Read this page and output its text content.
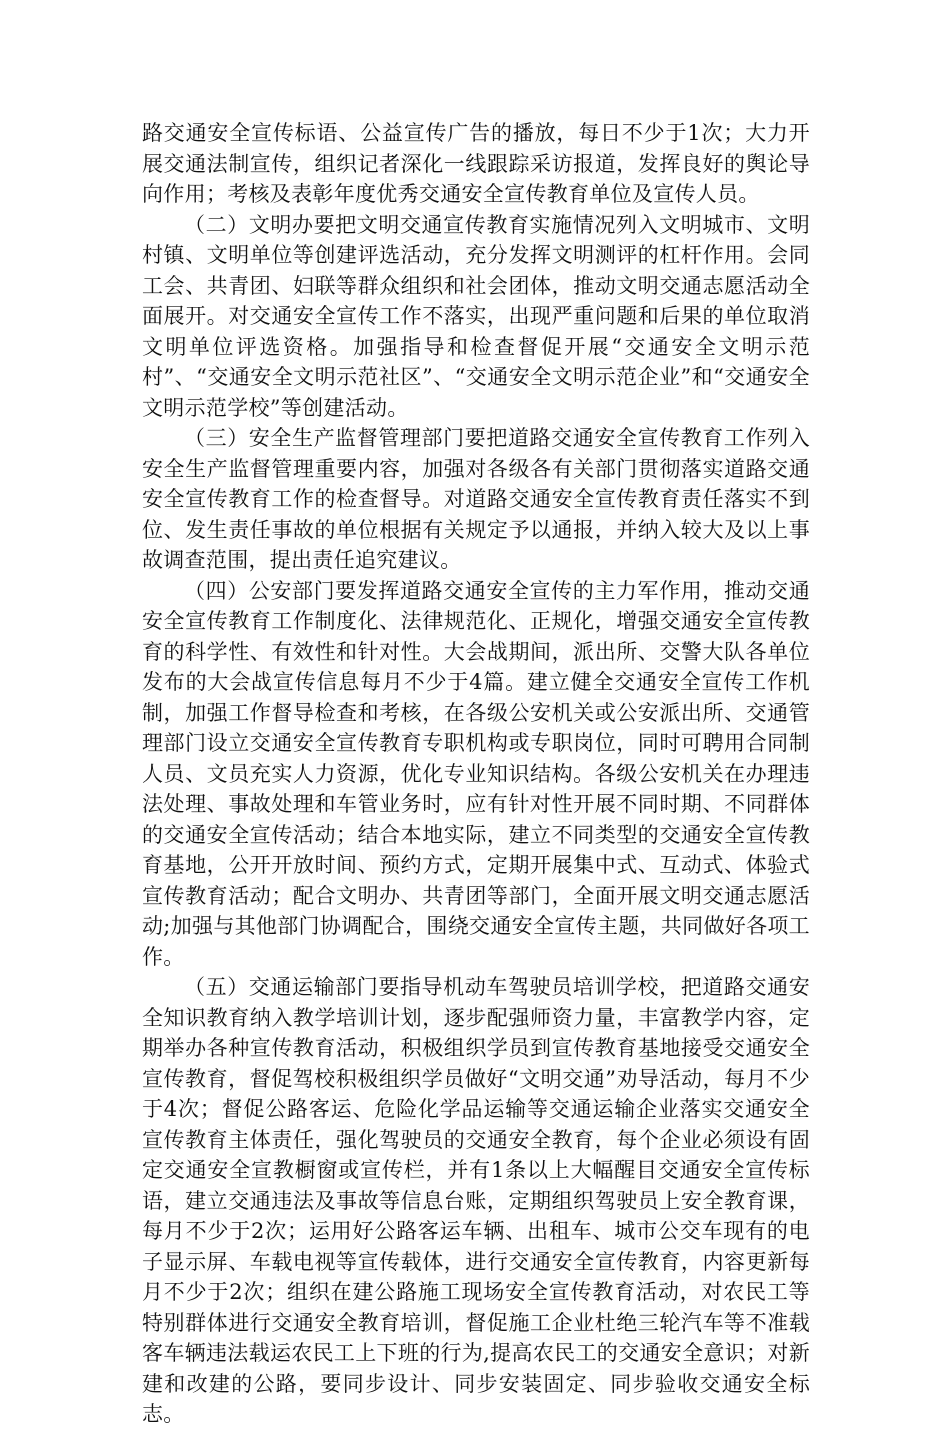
路交通安全宣传标语、公益宣传广告的播放，每日不少于1次；大力开展交通法制宣传，组织记者深化一线跟踪采访报道，发挥良好的舆论导向作用；考核及表彰年度优秀交通安全宣传教育单位及宣传人员。

（二）文明办要把文明交通宣传教育实施情况列入文明城市、文明村镇、文明单位等创建评选活动，充分发挥文明测评的杠杆作用。会同工会、共青团、妇联等群众组织和社会团体，推动文明交通志愿活动全面展开。对交通安全宣传工作不落实，出现严重问题和后果的单位取消文明单位评选资格。加强指导和检查督促开展“交通安全文明示范村”、“交通安全文明示范社区”、“交通安全文明示范企业”和“交通安全文明示范学校”等创建活动。

（三）安全生产监督管理部门要把道路交通安全宣传教育工作列入安全生产监督管理重要内容，加强对各级各有关部门贯彻落实道路交通安全宣传教育工作的检查督导。对道路交通安全宣传教育责任落实不到位、发生责任事故的单位根据有关规定予以通报，并纳入较大及以上事故调查范围，提出责任追究建议。

（四）公安部门要发挥道路交通安全宣传的主力军作用，推动交通安全宣传教育工作制度化、法律规范化、正规化，增强交通安全宣传教育的科学性、有效性和针对性。大会战期间，派出所、交警大队各单位发布的大会战宣传信息每月不少于4篇。建立健全交通安全宣传工作机制，加强工作督导检查和考核，在各级公安机关或公安派出所、交通管理部门设立交通安全宣传教育专职机构或专职岗位，同时可聘用合同制人员、文员充实人力资源，优化专业知识结构。各级公安机关在办理违法处理、事故处理和车管业务时，应有针对性开展不同时期、不同群体的交通安全宣传活动；结合本地实际，建立不同类型的交通安全宣传教育基地，公开开放时间、预约方式，定期开展集中式、互动式、体验式宣传教育活动；配合文明办、共青团等部门，全面开展文明交通志愿活动;加强与其他部门协调配合，围绕交通安全宣传主题，共同做好各项工作。

（五）交通运输部门要指导机动车驾驶员培训学校，把道路交通安全知识教育纳入教学培训计划，逐步配强师资力量，丰富教学内容，定期举办各种宣传教育活动，积极组织学员到宣传教育基地接受交通安全宣传教育，督促驾校积极组织学员做好“文明交通”劝导活动，每月不少于4次；督促公路客运、危险化学品运输等交通运输企业落实交通安全宣传教育主体责任，强化驾驶员的交通安全教育，每个企业必须设有固定交通安全宣教橱窗或宣传栏，并有1条以上大幅醒目交通安全宣传标语，建立交通违法及事故等信息台账，定期组织驾驶员上安全教育课，每月不少于2次；运用好公路客运车辆、出租车、城市公交车现有的电子显示屏、车载电视等宣传载体，进行交通安全宣传教育，内容更新每月不少于2次；组织在建公路施工现场安全宣传教育活动，对农民工等特别群体进行交通安全教育培训，督促施工企业杜绝三轮汽车等不准载客车辆违法载运农民工上下班的行为,提高农民工的交通安全意识；对新建和改建的公路，要同步设计、同步安装固定、同步验收交通安全标志。
